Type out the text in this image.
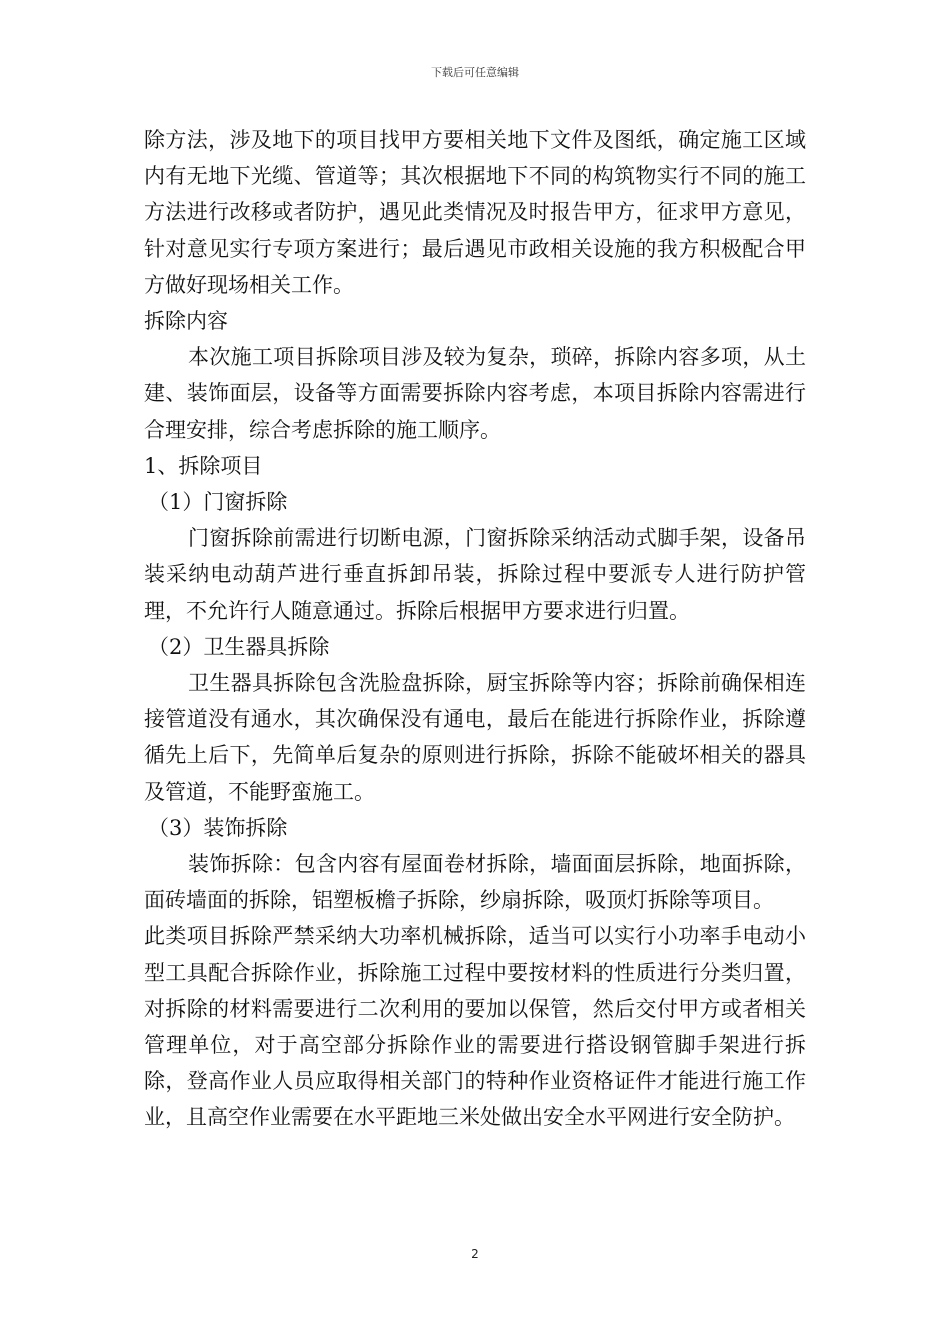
下载后可任意编辑

除方法，涉及地下的项目找甲方要相关地下文件及图纸，确定施工区域内有无地下光缆、管道等；其次根据地下不同的构筑物实行不同的施工方法进行改移或者防护，遇见此类情况及时报告甲方，征求甲方意见，针对意见实行专项方案进行；最后遇见市政相关设施的我方积极配合甲方做好现场相关工作。

拆除内容

本次施工项目拆除项目涉及较为复杂，琐碎，拆除内容多项，从土建、装饰面层，设备等方面需要拆除内容考虑，本项目拆除内容需进行合理安排，综合考虑拆除的施工顺序。

1、拆除项目

（1）门窗拆除

门窗拆除前需进行切断电源，门窗拆除采纳活动式脚手架，设备吊装采纳电动葫芦进行垂直拆卸吊装，拆除过程中要派专人进行防护管理，不允许行人随意通过。拆除后根据甲方要求进行归置。

（2）卫生器具拆除

卫生器具拆除包含洗脸盘拆除，厨宝拆除等内容；拆除前确保相连接管道没有通水，其次确保没有通电，最后在能进行拆除作业，拆除遵循先上后下，先简单后复杂的原则进行拆除，拆除不能破坏相关的器具及管道，不能野蛮施工。

（3）装饰拆除

装饰拆除：包含内容有屋面卷材拆除，墙面面层拆除，地面拆除，面砖墙面的拆除，铝塑板檐子拆除，纱扇拆除，吸顶灯拆除等项目。

此类项目拆除严禁采纳大功率机械拆除，适当可以实行小功率手电动小型工具配合拆除作业，拆除施工过程中要按材料的性质进行分类归置，对拆除的材料需要进行二次利用的要加以保管，然后交付甲方或者相关管理单位，对于高空部分拆除作业的需要进行搭设钢管脚手架进行拆除，登高作业人员应取得相关部门的特种作业资格证件才能进行施工作业，且高空作业需要在水平距地三米处做出安全水平网进行安全防护。

2
